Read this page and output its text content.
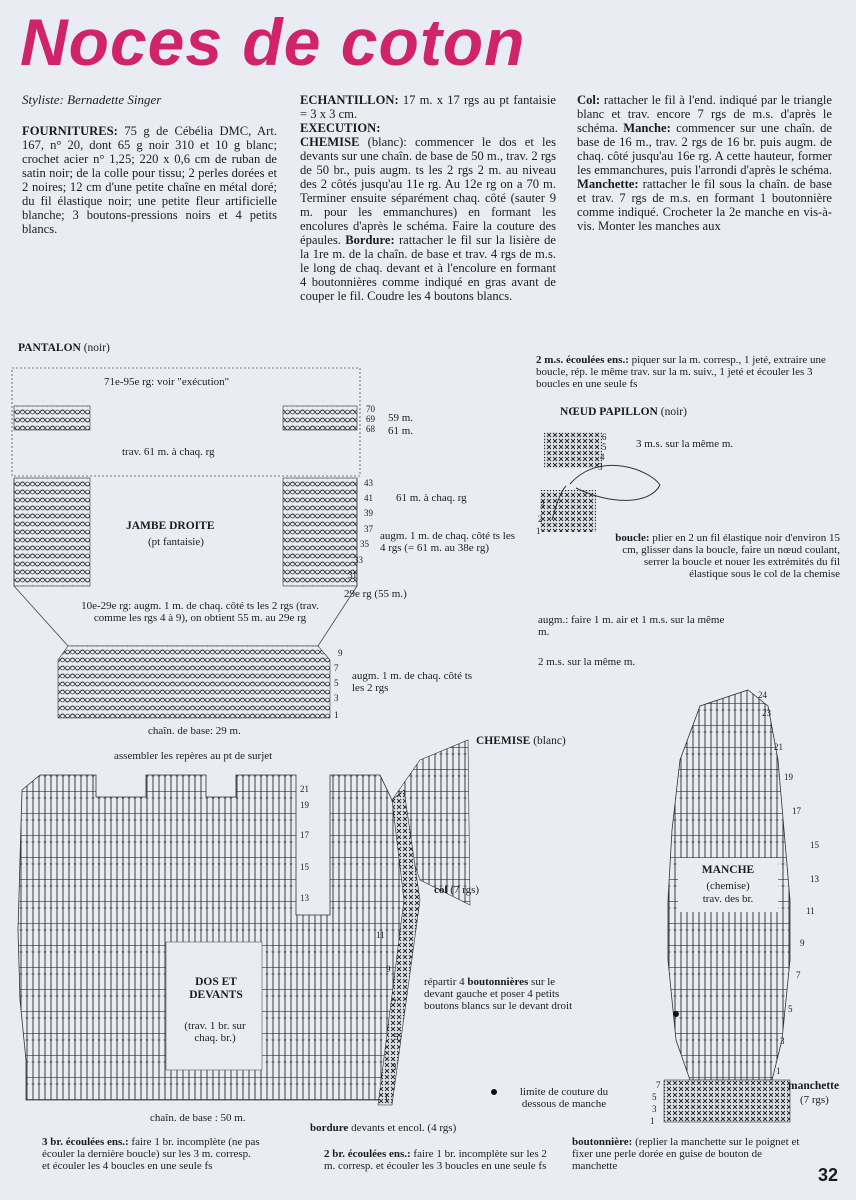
Noces de coton
Styliste: Bernadette Singer
FOURNITURES: 75 g de Cébélia DMC, Art. 167, n° 20, dont 65 g noir 310 et 10 g blanc; crochet acier n° 1,25; 220 x 0,6 cm de ruban de satin noir; de la colle pour tissu; 2 perles dorées et 2 noires; 12 cm d'une petite chaîne en métal doré; du fil élastique noir; une petite fleur artificielle blanche; 3 boutons-pressions noirs et 4 petits blancs.
ECHANTILLON: 17 m. x 17 rgs au pt fantaisie = 3 x 3 cm.
EXECUTION:
CHEMISE (blanc): commencer le dos et les devants sur une chaîn. de base de 50 m., trav. 2 rgs de 50 br., puis augm. ts les 2 rgs 2 m. au niveau des 2 côtés jusqu'au 11e rg. Au 12e rg on a 70 m. Terminer ensuite séparément chaq. côté (sauter 9 m. pour les emmanchures) en formant les encolures d'après le schéma. Faire la couture des épaules. Bordure: rattacher le fil sur la lisière de la 1re m. de la chaîn. de base et trav. 4 rgs de m.s. le long de chaq. devant et à l'encolure en formant 4 boutonnières comme indiqué en gras avant de couper le fil. Coudre les 4 boutons blancs.
Col: rattacher le fil à l'end. indiqué par le triangle blanc et trav. encore 7 rgs de m.s. d'après le schéma. Manche: commencer sur une chaîn. de base de 16 m., trav. 2 rgs de 16 br. puis augm. de chaq. côté jusqu'au 16e rg. A cette hauteur, former les emmanchures, puis l'arrondi d'après le schéma. Manchette: rattacher le fil sous la chaîn. de base et trav. 7 rgs de m.s. en formant 1 boutonnière comme indiqué. Crocheter la 2e manche en vis-à-vis. Monter les manches aux
PANTALON (noir)
71e-95e rg: voir "exécution"
trav. 61 m. à chaq. rg
JAMBE DROITE
(pt fantaisie)
70
69
68
59 m.
61 m.
43
41
39
37
35
33
31
61 m. à chaq. rg
augm. 1 m. de chaq. côté ts les 4 rgs (= 61 m. au 38e rg)
29e rg (55 m.)
10e-29e rg: augm. 1 m. de chaq. côté ts les 2 rgs (trav. comme les rgs 4 à 9), on obtient 55 m. au 29e rg
9
7
5
3
1
augm. 1 m. de chaq. côté ts les 2 rgs
chaîn. de base: 29 m.
2 m.s. écoulées ens.: piquer sur la m. corresp., 1 jeté, extraire une boucle, rép. le même trav. sur la m. suiv., 1 jeté et écouler les 3 boucles en une seule fs
NŒUD PAPILLON (noir)
6
5
4
3
3
2
1
3 m.s. sur la même m.
boucle: plier en 2 un fil élastique noir d'environ 15 cm, glisser dans la boucle, faire un nœud coulant, serrer la boucle et nouer les extrémités du fil élastique sous le col de la chemise
augm.: faire 1 m. air et 1 m.s. sur la même m.
2 m.s. sur la même m.
CHEMISE (blanc)
assembler les repères au pt de surjet
21
19
17
15
13
11
9
7
5
3
1
DOS ET DEVANTS
(trav. 1 br. sur chaq. br.)
col (7 rgs)
répartir 4 boutonnières sur le devant gauche et poser 4 petits boutons blancs sur le devant droit
chaîn. de base : 50 m.
bordure devants et encol. (4 rgs)
24
23
21
19
17
15
13
11
9
7
5
3
1
MANCHE
(chemise)
trav. des br.
limite de couture du dessous de manche
manchette
(7 rgs)
7
5
3
1
boutonnière: (replier la manchette sur le poignet et fixer une perle dorée en guise de bouton de manchette
3 br. écoulées ens.: faire 1 br. incomplète (ne pas écouler la dernière boucle) sur les 3 m. corresp. et écouler les 4 boucles en une seule fs
2 br. écoulées ens.: faire 1 br. incomplète sur les 2 m. corresp. et écouler les 3 boucles en une seule fs	32
